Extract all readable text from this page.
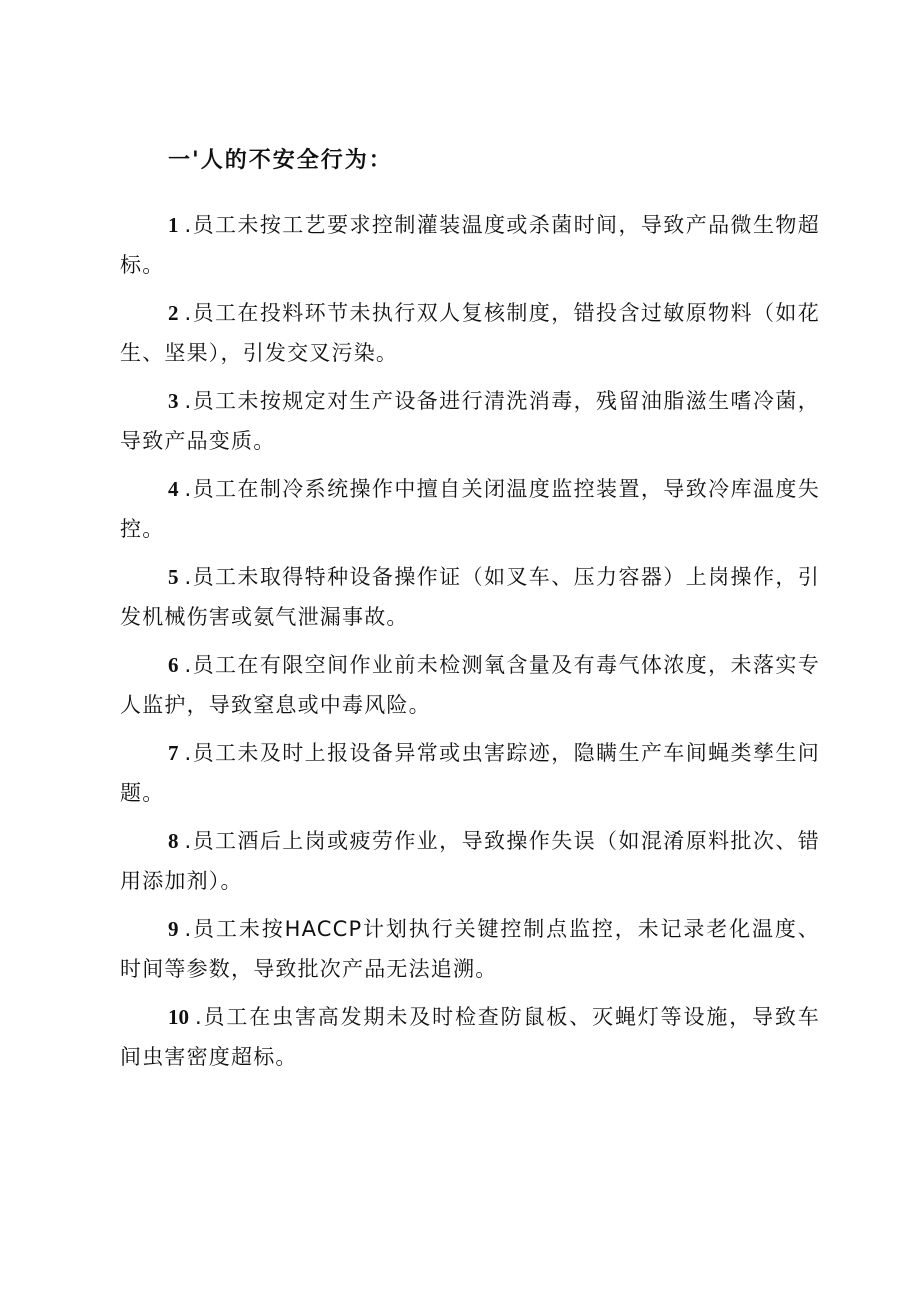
一'人的不安全行为：

1 .员工未按工艺要求控制灌装温度或杀菌时间，导致产品微生物超标。

2 .员工在投料环节未执行双人复核制度，错投含过敏原物料（如花生、坚果），引发交叉污染。

3 .员工未按规定对生产设备进行清洗消毒，残留油脂滋生嗜冷菌，导致产品变质。

4 .员工在制冷系统操作中擅自关闭温度监控装置，导致冷库温度失控。

5 .员工未取得特种设备操作证（如叉车、压力容器）上岗操作，引发机械伤害或氨气泄漏事故。

6 .员工在有限空间作业前未检测氧含量及有毒气体浓度，未落实专人监护，导致窒息或中毒风险。

7 .员工未及时上报设备异常或虫害踪迹，隐瞒生产车间蝇类孳生问题。

8 .员工酒后上岗或疲劳作业，导致操作失误（如混淆原料批次、错用添加剂）。

9 .员工未按HACCP计划执行关键控制点监控，未记录老化温度、时间等参数，导致批次产品无法追溯。

10 .员工在虫害高发期未及时检查防鼠板、灭蝇灯等设施，导致车间虫害密度超标。
